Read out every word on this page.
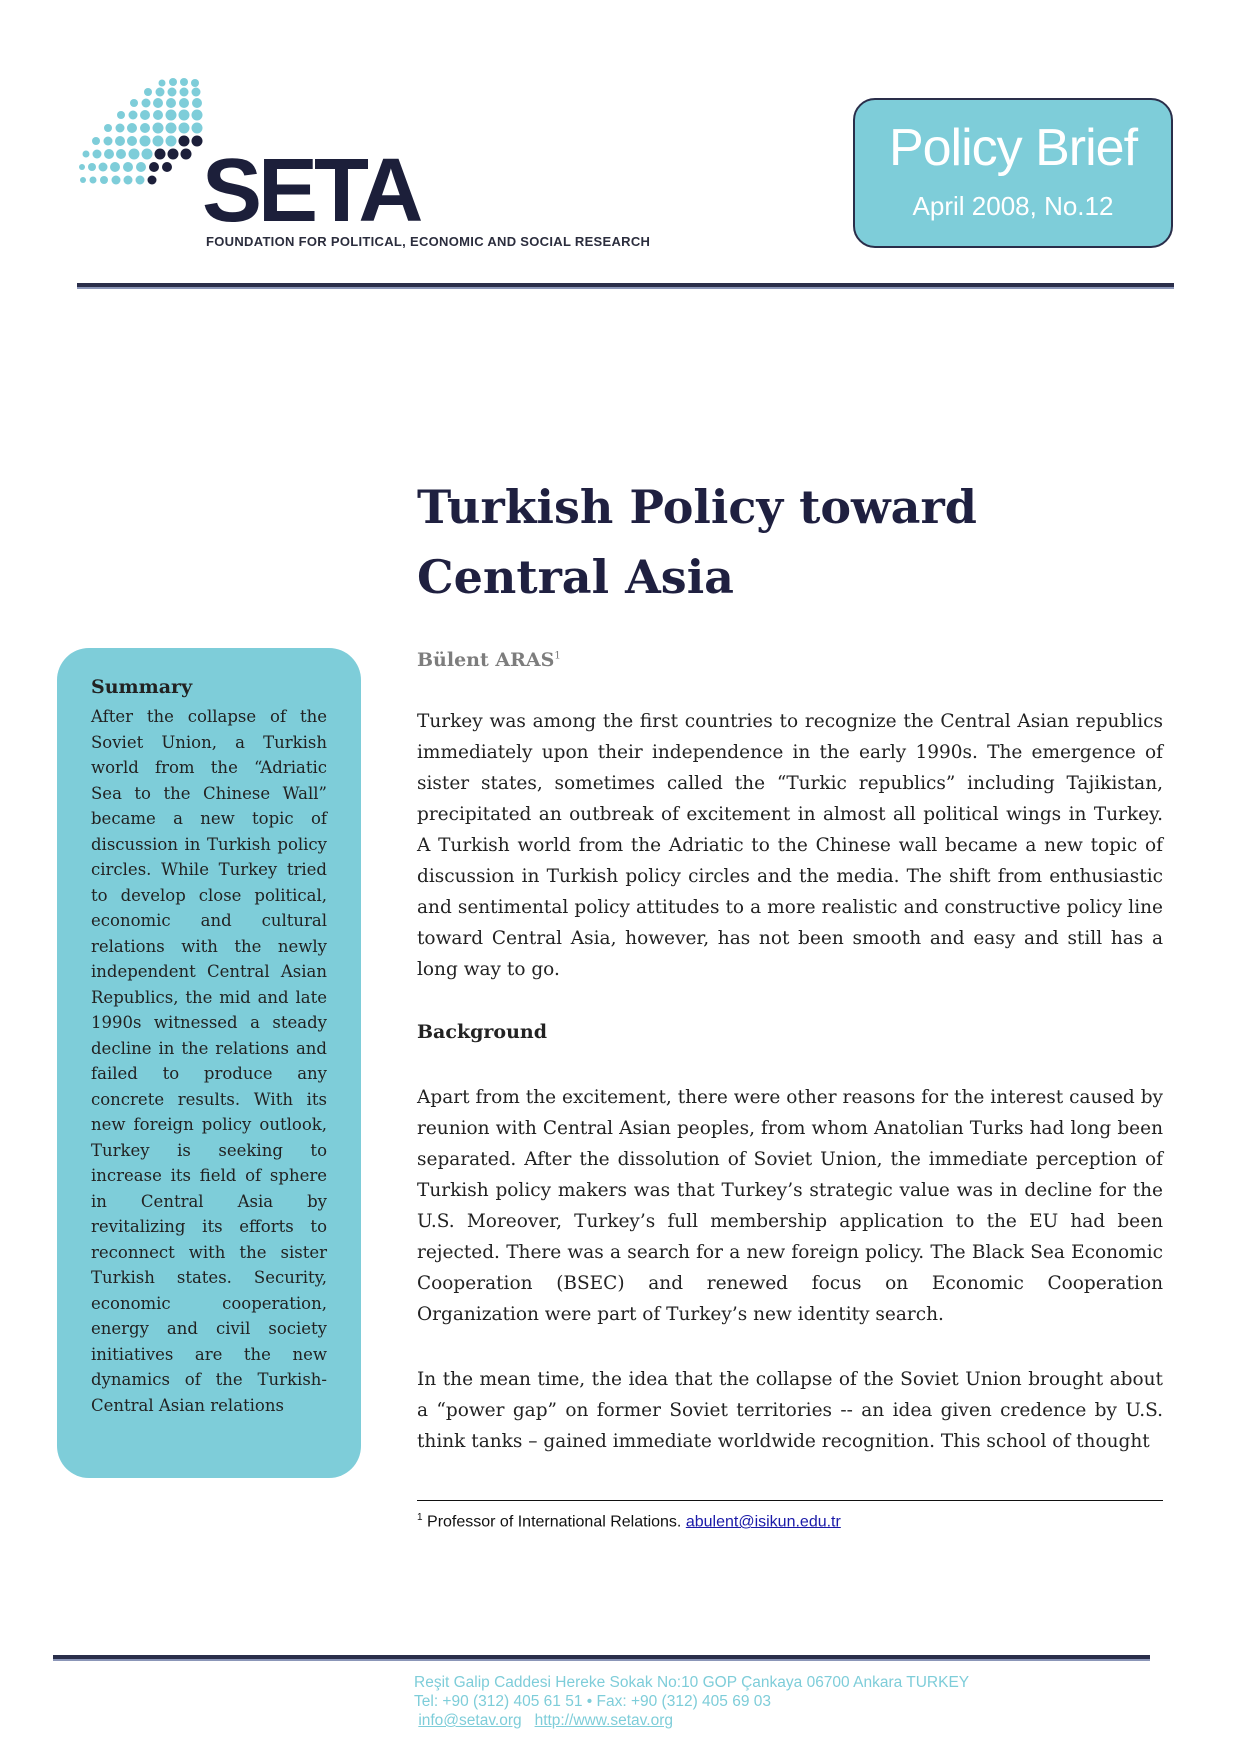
SETA
FOUNDATION FOR POLITICAL, ECONOMIC AND SOCIAL RESEARCH
Policy Brief
April 2008, No.12
Turkish Policy toward Central Asia
Bülent ARAS$^1$
Summary

After the collapse of the Soviet Union, a Turkish world from the “Adriatic Sea to the Chinese Wall” became a new topic of discussion in Turkish policy circles. While Turkey tried to develop close political, economic and cultural relations with the newly independent Central Asian Republics, the mid and late 1990s witnessed a steady decline in the relations and failed to produce any concrete results. With its new foreign policy outlook, Turkey is seeking to increase its field of sphere in Central Asia by revitalizing its efforts to reconnect with the sister Turkish states. Security, economic cooperation, energy and civil society initiatives are the new dynamics of the Turkish-Central Asian relations

Turkey was among the first countries to recognize the Central Asian republics immediately upon their independence in the early 1990s. The emergence of sister states, sometimes called the “Turkic republics” including Tajikistan, precipitated an outbreak of excitement in almost all political wings in Turkey. A Turkish world from the Adriatic to the Chinese wall became a new topic of discussion in Turkish policy circles and the media. The shift from enthusiastic and sentimental policy attitudes to a more realistic and constructive policy line toward Central Asia, however, has not been smooth and easy and still has a long way to go.

Background

Apart from the excitement, there were other reasons for the interest caused by reunion with Central Asian peoples, from whom Anatolian Turks had long been separated. After the dissolution of Soviet Union, the immediate perception of Turkish policy makers was that Turkey’s strategic value was in decline for the U.S. Moreover, Turkey’s full membership application to the EU had been rejected. There was a search for a new foreign policy. The Black Sea Economic Cooperation (BSEC) and renewed focus on Economic Cooperation Organization were part of Turkey’s new identity search.

In the mean time, the idea that the collapse of the Soviet Union brought about a “power gap” on former Soviet territories -- an idea given credence by U.S. think tanks – gained immediate worldwide recognition. This school of thought

$^1$ Professor of International Relations. abulent@isikun.edu.tr
Reşit Galip Caddesi Hereke Sokak No:10 GOP Çankaya 06700 Ankara TURKEY
Tel: +90 (312) 405 61 51 • Fax: +90 (312) 405 69 03
info@setav.org http://www.setav.org
